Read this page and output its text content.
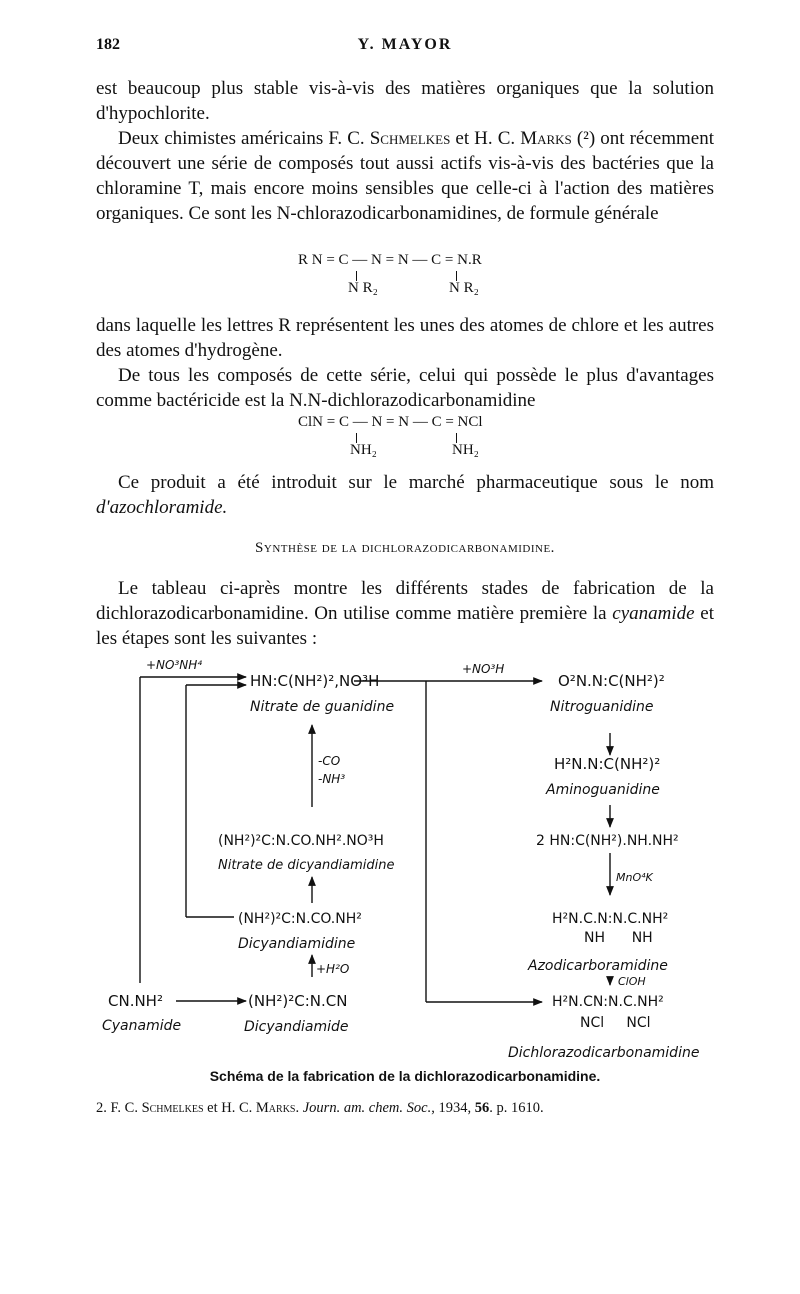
182	Y. MAYOR

est beaucoup plus stable vis-à-vis des matières organiques que la solution d'hypochlorite.

Deux chimistes américains F. C. Schmelkes et H. C. Marks (²) ont récemment découvert une série de composés tout aussi actifs vis-à-vis des bactéries que la chloramine T, mais encore moins sensibles que celle-ci à l'action des matières organiques. Ce sont les N-chlorazodicarbonamidines, de formule générale

R N = C — N = N — C = N.R
N R₂	N R₂

dans laquelle les lettres R représentent les unes des atomes de chlore et les autres des atomes d'hydrogène.

De tous les composés de cette série, celui qui possède le plus d'avantages comme bactéricide est la N.N-dichlorazodicarbonamidine

ClN = C — N = N — C = NCl
NH₂	NH₂

Ce produit a été introduit sur le marché pharmaceutique sous le nom d'azochloramide.

Synthèse de la dichlorazodicarbonamidine.

Le tableau ci-après montre les différents stades de fabrication de la dichlorazodicarbonamidine. On utilise comme matière première la cyanamide et les étapes sont les suivantes :

+NO³NH⁴
HN:C(NH²)²,NO³H
Nitrate de guanidine
+NO³H
O²N.N:C(NH²)²
Nitroguanidine
-CO
-NH³
H²N.N:C(NH²)²
Aminoguanidine
(NH²)²C:N.CO.NH².NO³H
Nitrate de dicyandiamidine
2 HN:C(NH²).NH.NH²
MnO⁴K
(NH²)²C:N.CO.NH²
Dicyandiamidine
H²N.C.N:N.C.NH²
NH      NH
Azodicarboramidine
+H²O
ClOH
CN.NH²
Cyanamide
(NH²)²C:N.CN
Dicyandiamide
H²N.CN:N.C.NH²
NCl     NCl
Dichlorazodicarbonamidine
Schéma de la fabrication de la dichlorazodicarbonamidine.
2. F. C. Schmelkes et H. C. Marks. Journ. am. chem. Soc., 1934, 56. p. 1610.
